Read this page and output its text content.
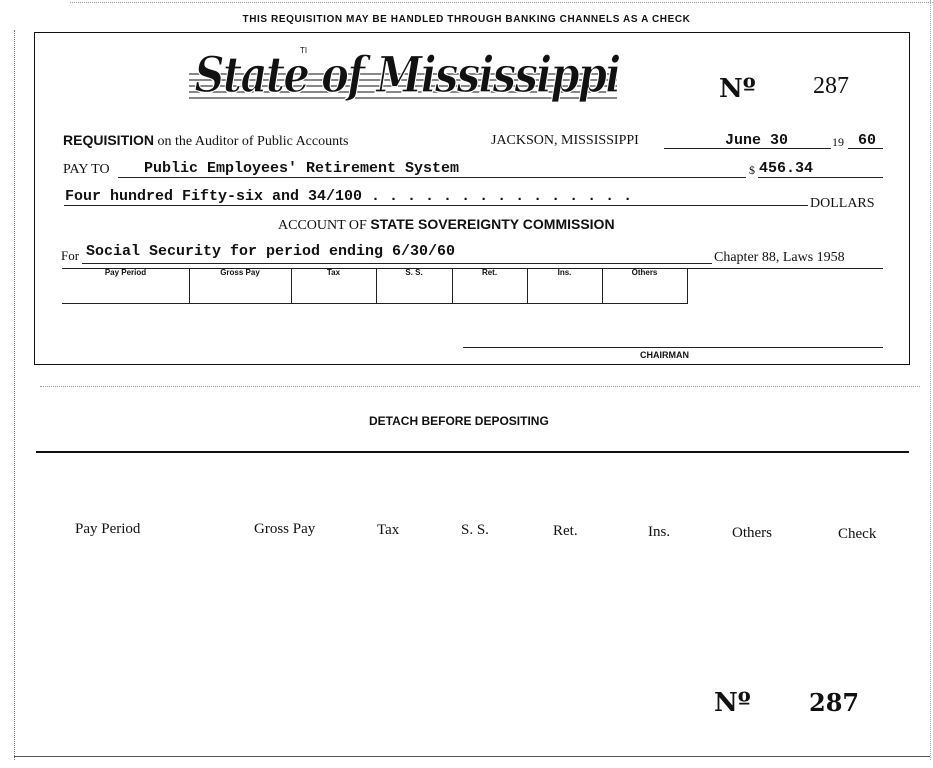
THIS REQUISITION MAY BE HANDLED THROUGH BANKING CHANNELS AS A CHECK
State of Mississippi
TI
Nº 287
REQUISITION on the Auditor of Public Accounts	JACKSON, MISSISSIPPI	June 30	19 60
PAY TO Public Employees' Retirement System	$ 456.34
Four hundred Fifty-six and 34/100 . . . . . . . . . . . . . . .	DOLLARS
ACCOUNT OF STATE SOVEREIGNTY COMMISSION
For Social Security for period ending 6/30/60	Chapter 88, Laws 1958
Pay Period	Gross Pay	Tax	S. S.	Ret.	Ins.	Others
CHAIRMAN
DETACH BEFORE DEPOSITING
Pay Period	Gross Pay	Tax	S. S.	Ret.	Ins.	Others	Check
Nº 287
